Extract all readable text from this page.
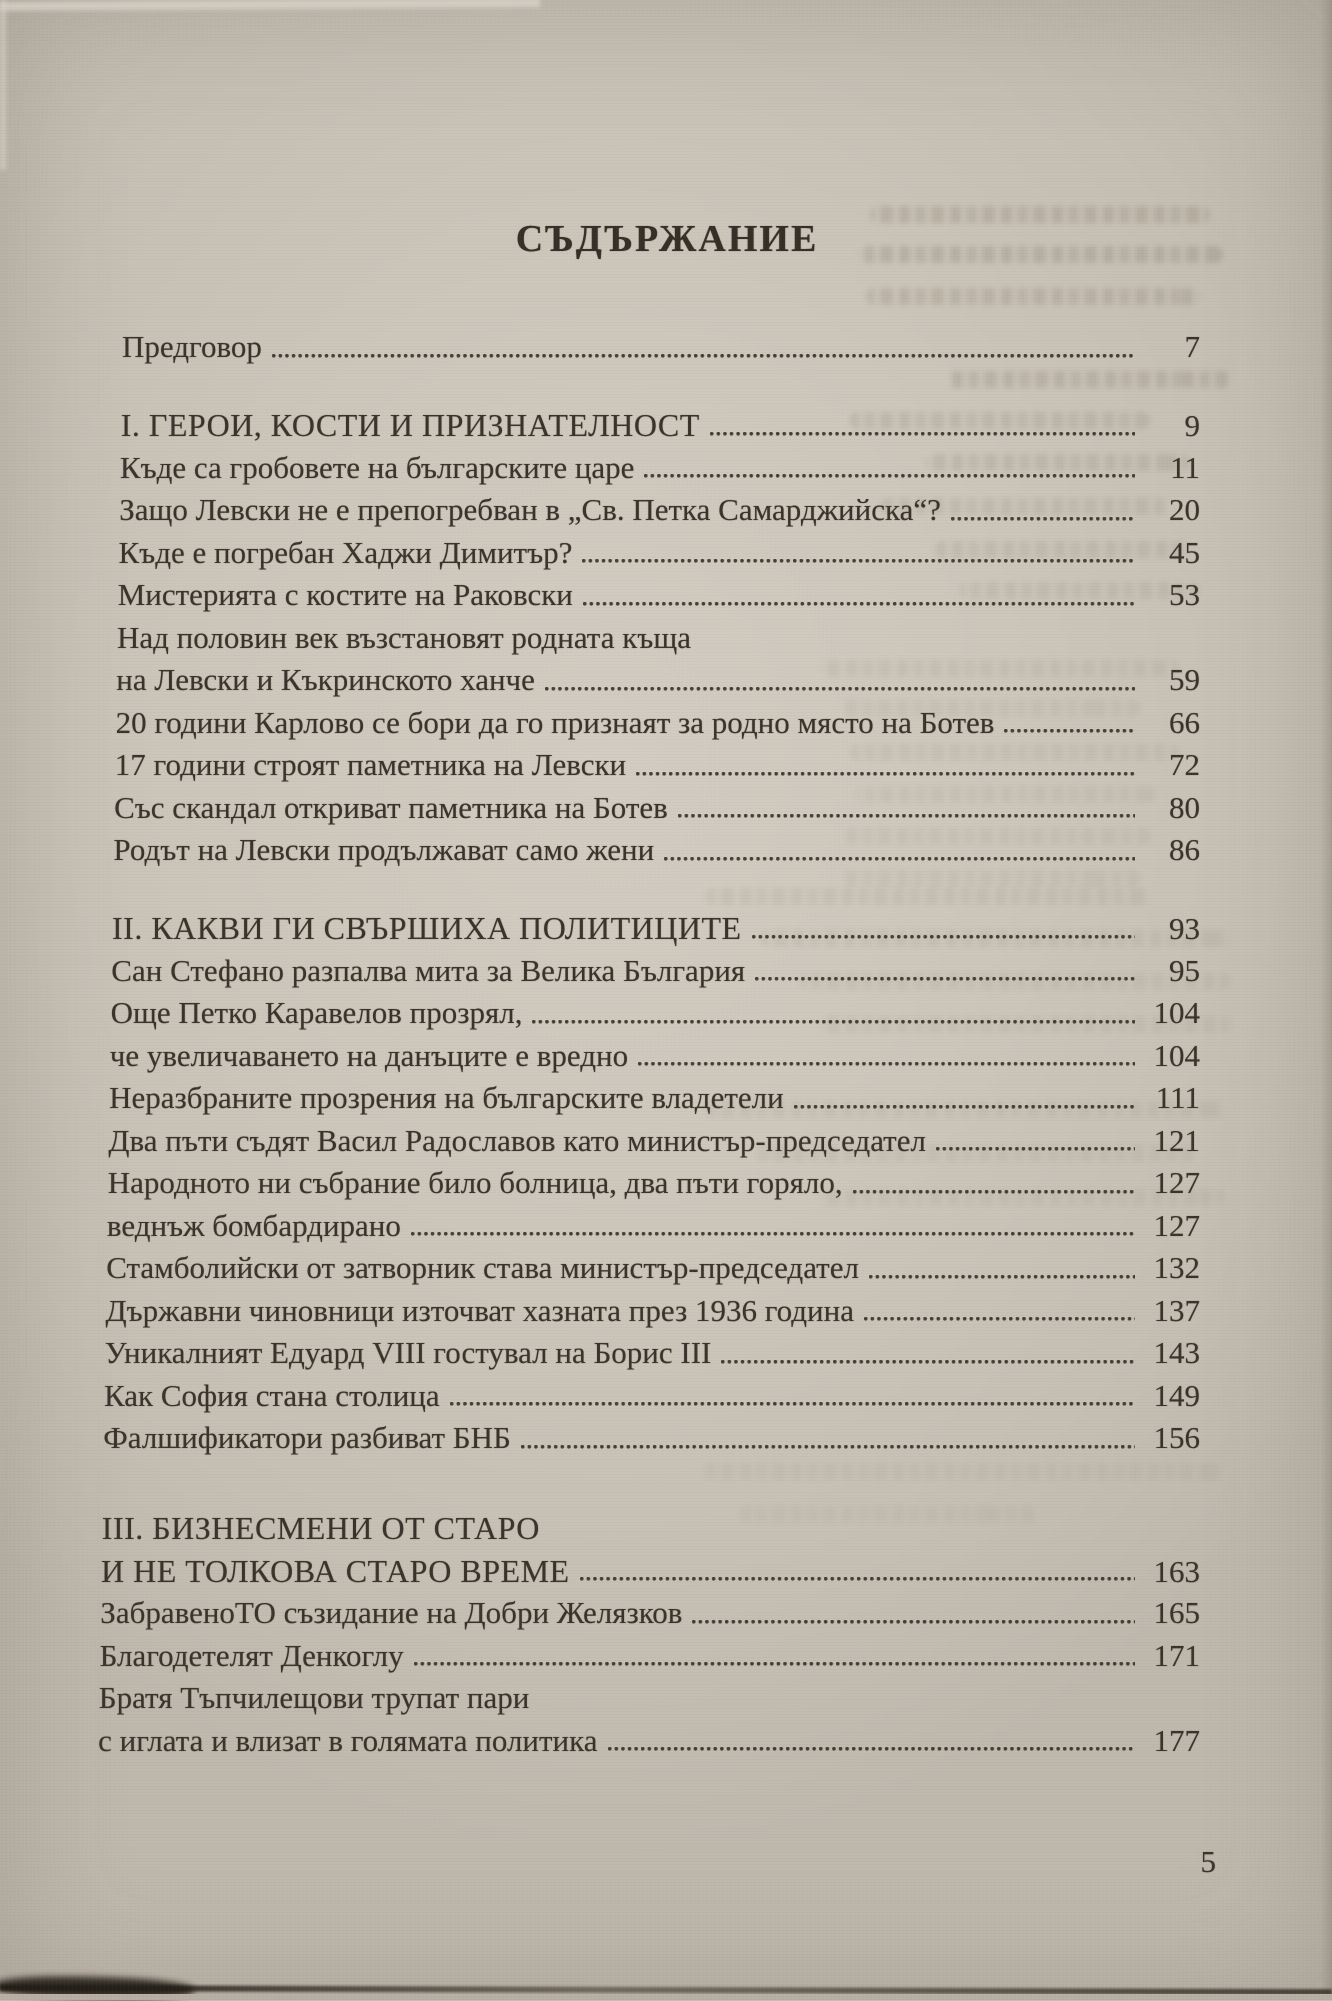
СЪДЪРЖАНИЕ
Предговор	7
I. ГЕРОИ, КОСТИ И ПРИЗНАТЕЛНОСТ	9
Къде са гробовете на българските царе	11
Защо Левски не е препогребван в „Св. Петка Самарджийска“?	20
Къде е погребан Хаджи Димитър?	45
Мистерията с костите на Раковски	53
Над половин век възстановят родната къща
на Левски и Къкринското ханче	59
20 години Карлово се бори да го признаят за родно място на Ботев	66
17 години строят паметника на Левски	72
Със скандал откриват паметника на Ботев	80
Родът на Левски продължават само жени	86
II. КАКВИ ГИ СВЪРШИХА ПОЛИТИЦИТЕ	93
Сан Стефано разпалва мита за Велика България	95
Още Петко Каравелов прозрял,	104
че увеличаването на данъците е вредно	104
Неразбраните прозрения на българските владетели	111
Два пъти съдят Васил Радославов като министър-председател	121
Народното ни събрание било болница, два пъти горяло,	127
веднъж бомбардирано	127
Стамболийски от затворник става министър-председател	132
Държавни чиновници източват хазната през 1936 година	137
Уникалният Едуард VIII гостувал на Борис III	143
Как София стана столица	149
Фалшификатори разбиват БНБ	156
III. БИЗНЕСМЕНИ ОТ СТАРО
И НЕ ТОЛКОВА СТАРО ВРЕМЕ	163
ЗабравеноТО съзидание на Добри Желязков	165
Благодетелят Денкоглу	171
Братя Тъпчилещови трупат пари
с иглата и влизат в голямата политика	177
5
